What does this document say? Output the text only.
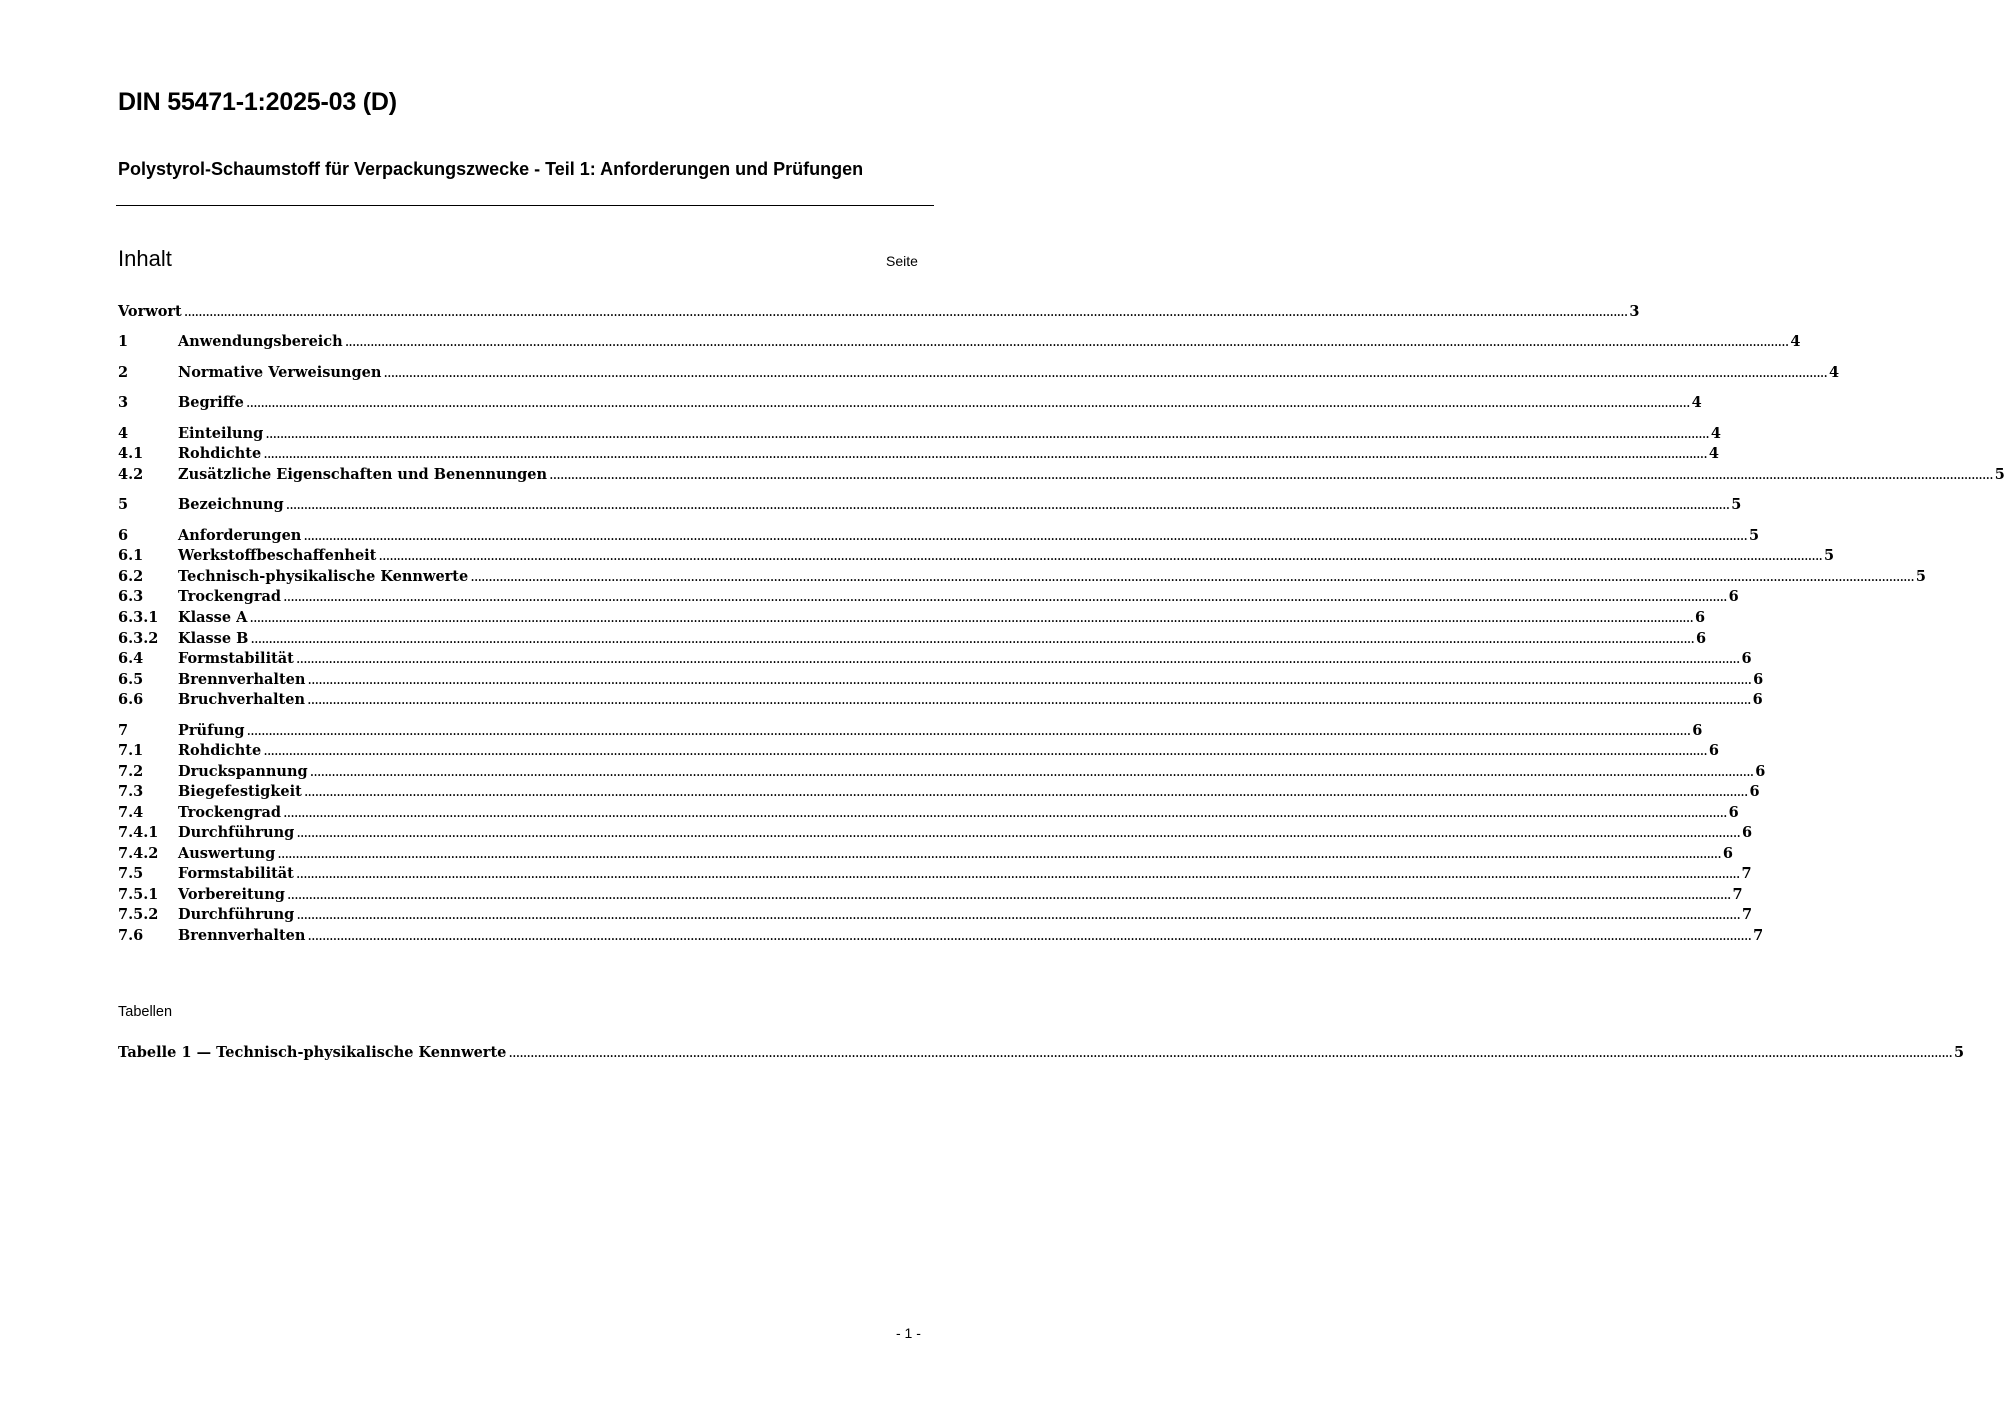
DIN 55471-1:2025-03 (D)
Polystyrol-Schaumstoff für Verpackungszwecke - Teil 1: Anforderungen und Prüfungen
Inhalt	Seite
Vorwort ................................................................................................................................................................................................................................................................................................................................................................................................................ 3
1	Anwendungsbereich ................................................................................................................................................................................................................................................................................................................................................................................................................ 4
2	Normative Verweisungen ................................................................................................................................................................................................................................................................................................................................................................................................................ 4
3	Begriffe ................................................................................................................................................................................................................................................................................................................................................................................................................ 4
4	Einteilung ................................................................................................................................................................................................................................................................................................................................................................................................................ 4
4.1 Rohdichte ................................................................................................................................................................................................................................................................................................................................................................................................................ 4
4.2 Zusätzliche Eigenschaften und Benennungen ................................................................................................................................................................................................................................................................................................................................................................................................................ 5
5	Bezeichnung ................................................................................................................................................................................................................................................................................................................................................................................................................ 5
6	Anforderungen ................................................................................................................................................................................................................................................................................................................................................................................................................ 5
6.1 Werkstoffbeschaffenheit ................................................................................................................................................................................................................................................................................................................................................................................................................ 5
6.2 Technisch-physikalische Kennwerte ................................................................................................................................................................................................................................................................................................................................................................................................................ 5
6.3 Trockengrad ................................................................................................................................................................................................................................................................................................................................................................................................................ 6
6.3.1 Klasse A ................................................................................................................................................................................................................................................................................................................................................................................................................ 6
6.3.2 Klasse B ................................................................................................................................................................................................................................................................................................................................................................................................................ 6
6.4 Formstabilität ................................................................................................................................................................................................................................................................................................................................................................................................................ 6
6.5 Brennverhalten ................................................................................................................................................................................................................................................................................................................................................................................................................ 6
6.6 Bruchverhalten ................................................................................................................................................................................................................................................................................................................................................................................................................ 6
7	Prüfung ................................................................................................................................................................................................................................................................................................................................................................................................................ 6
7.1 Rohdichte ................................................................................................................................................................................................................................................................................................................................................................................................................ 6
7.2 Druckspannung ................................................................................................................................................................................................................................................................................................................................................................................................................ 6
7.3 Biegefestigkeit ................................................................................................................................................................................................................................................................................................................................................................................................................ 6
7.4 Trockengrad ................................................................................................................................................................................................................................................................................................................................................................................................................ 6
7.4.1 Durchführung ................................................................................................................................................................................................................................................................................................................................................................................................................ 6
7.4.2 Auswertung ................................................................................................................................................................................................................................................................................................................................................................................................................ 6
7.5 Formstabilität ................................................................................................................................................................................................................................................................................................................................................................................................................ 7
7.5.1 Vorbereitung ................................................................................................................................................................................................................................................................................................................................................................................................................ 7
7.5.2 Durchführung ................................................................................................................................................................................................................................................................................................................................................................................................................ 7
7.6 Brennverhalten ................................................................................................................................................................................................................................................................................................................................................................................................................ 7
Tabellen
Tabelle 1 — Technisch-physikalische Kennwerte ................................................................................................................................................................................................................................................................................................................................................................................................................ 5
- 1 -
